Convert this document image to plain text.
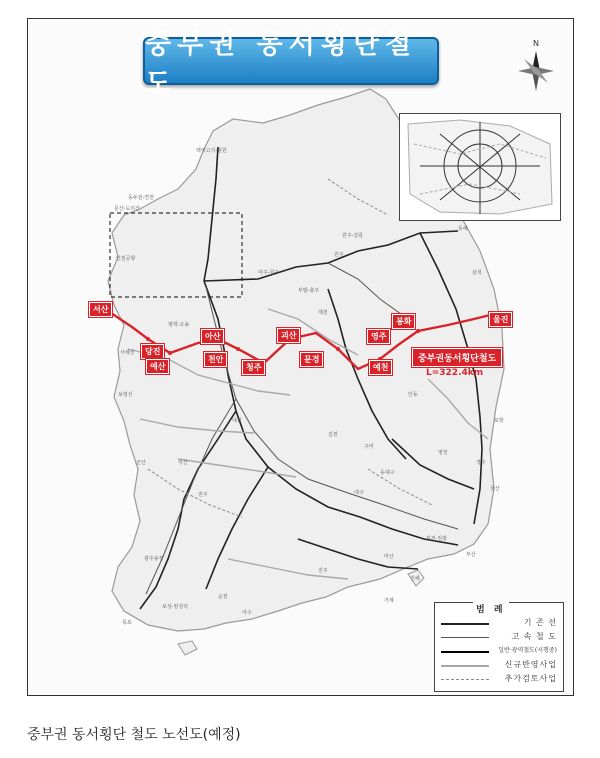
중부권 동서횡단철도
N
서산
당진
예산
아산
천안
청주
괴산
문경
영주
봉화
예천
울진
중부권동서횡단철도
L=322.4km
백마고지-철원
동두천-연천
문산-도리산
인천공항
원주-강릉
여주-원주
부발-충주
동해
삼척
원주
포항
울산
부산
목포
광주송정
여수
순천
진주
대구
김천
구미
경주
대전
익산
군산
서해선
전주
동대구
마산
부전-일광
제천
평택-오송
보령선	안동
영천
진해
거제
보성-임성리	범 례
기 존 선
고 속 철 도
일반·광역철도(시행중)
신규반영사업
추가검토사업
중부권 동서횡단 철도 노선도(예정)
